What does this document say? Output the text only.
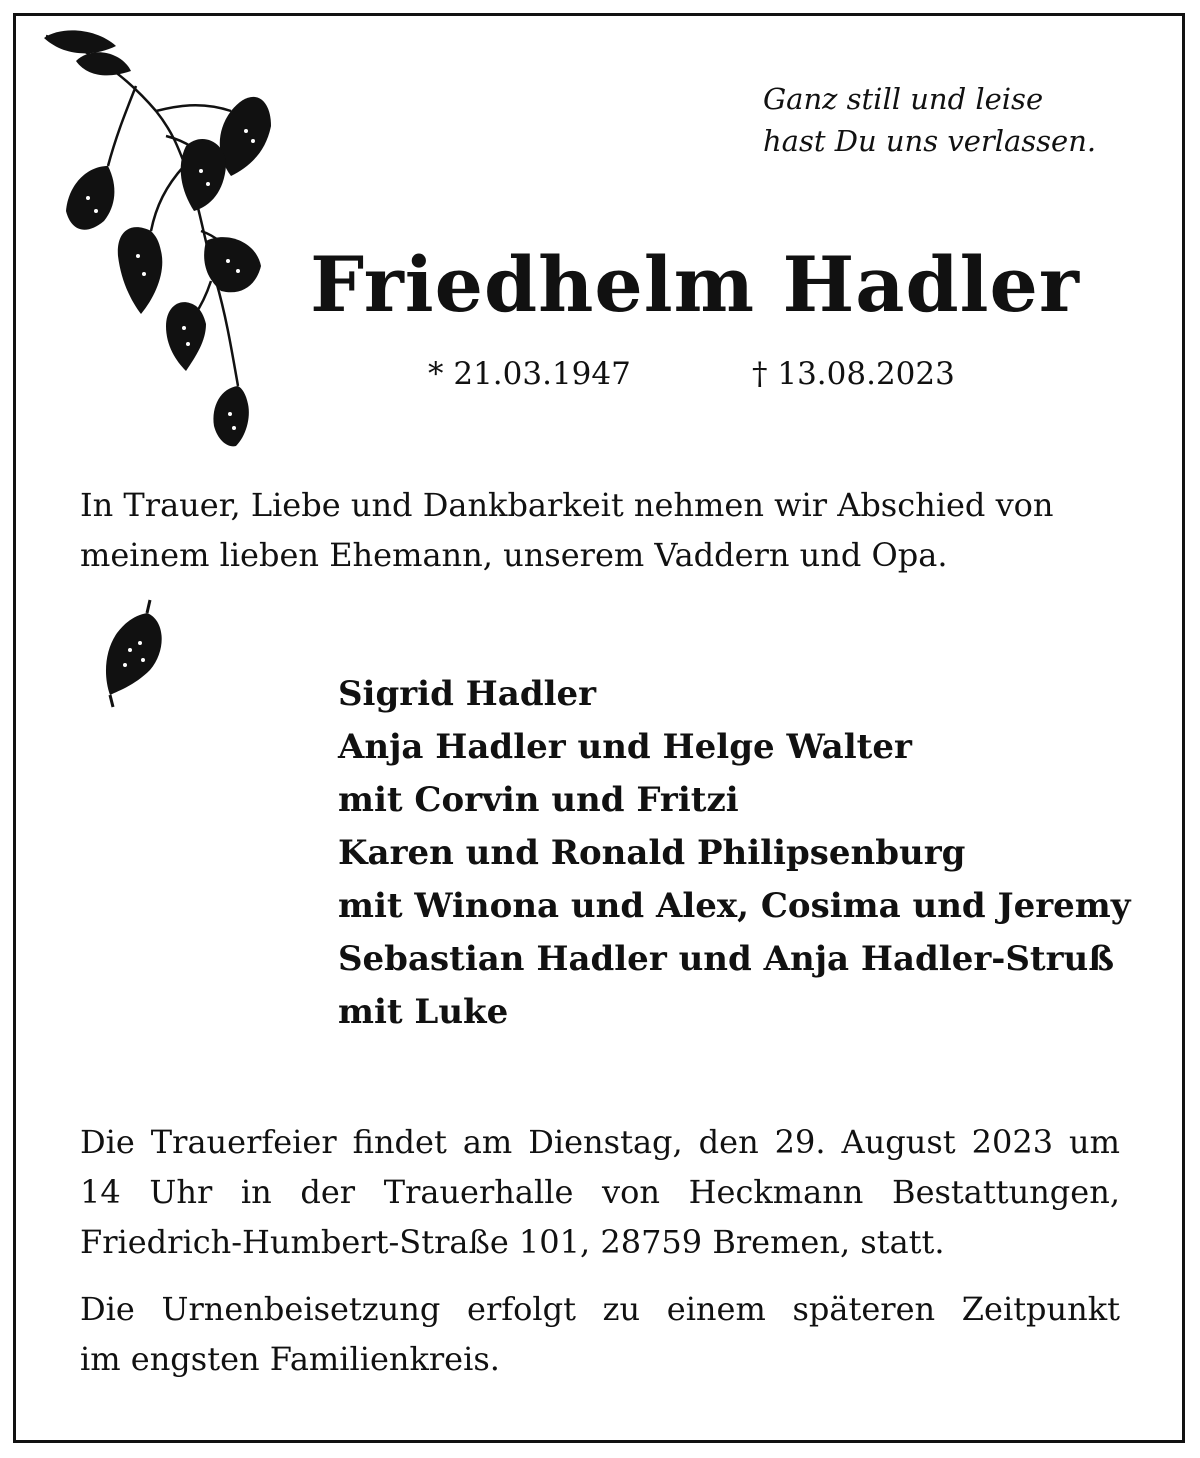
Ganz still und leise
hast Du uns verlassen.
Friedhelm Hadler
* 21.03.1947	† 13.08.2023
In Trauer, Liebe und Dankbarkeit nehmen wir Abschied von
meinem lieben Ehemann, unserem Vaddern und Opa.
Sigrid Hadler
Anja Hadler und Helge Walter
mit Corvin und Fritzi
Karen und Ronald Philipsenburg
mit Winona und Alex, Cosima und Jeremy
Sebastian Hadler und Anja Hadler-Struß
mit Luke
Die Trauerfeier findet am Dienstag, den 29. August 2023 um
14 Uhr in der Trauerhalle von Heckmann Bestattungen,
Friedrich-Humbert-Straße 101, 28759 Bremen, statt.
Die Urnenbeisetzung erfolgt zu einem späteren Zeitpunkt
im engsten Familienkreis.
